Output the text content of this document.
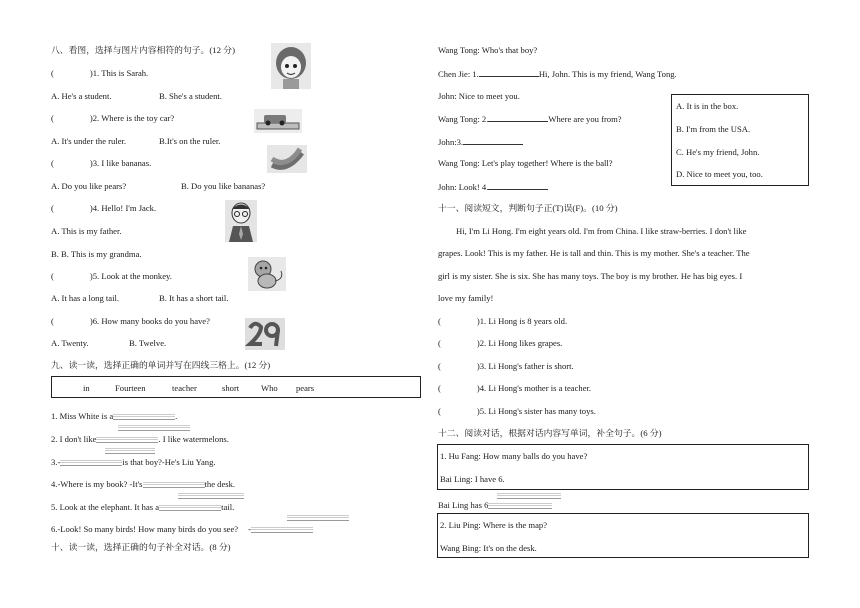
八、看图，选择与图片内容相符的句子。(12 分)
(	)1. This is Sarah.
A. He's a student.	B. She's a student.
(	)2. Where is the toy car?
A. It's under the ruler.	B.It's on the ruler.
(	)3. I like bananas.
A. Do you like pears?	B. Do you like bananas?
(	)4. Hello! I'm Jack.
A. This is my father.
B. B. This is my grandma.
(	)5. Look at the monkey.
A. It has a long tail.	B. It has a short tail.
(	)6. How many books do you have?
A. Twenty.	B. Twelve.
九、读一读，选择正确的单词并写在四线三格上。(12 分)
in	Fourteen	teacher	short	Who pears
1. Miss White is a	.
2. I don't like	. I like watermelons.
3.-	is that boy?-He's Liu Yang.
4.-Where is my book? -It's	the desk.
5. Look at the elephant. It has a	tail.
6.-Look! So many birds! How many birds do you see? -
十、读一读，选择正确的句子补全对话。(8 分)
Wang Tong: Who's that boy?
Chen Jie: 1.	Hi, John. This is my friend, Wang Tong.
John: Nice to meet you.
Wang Tong: 2.	Where are you from?
John:3.
Wang Tong: Let's play together! Where is the ball?
John: Look! 4.
十一、阅读短文，判断句子正(T)误(F)。(10 分)
Hi, I'm Li Hong. I'm eight years old. I'm from China. I like straw-berries. I don't like
grapes. Look! This is my father. He is tall and thin. This is my mother. She's a teacher. The
girl is my sister. She is six. She has many toys. The boy is my brother. He has big eyes. I
love my family!
(	)1. Li Hong is 8 years old.
(	)2. Li Hong likes grapes.
(	)3. Li Hong's father is short.
(	)4. Li Hong's mother is a teacher.
(	)5. Li Hong's sister has many toys.
十二、阅读对话，根据对话内容写单词，补全句子。(6 分)
A. It is in the box.
B. I'm from the USA.
C. He's my friend, John.
D. Nice to meet you, too.
1. Hu Fang: How many balls do you have?
Bai Ling: I have 6.
Bai Ling has 6
2. Liu Ping: Where is the map?
Wang Bing: It's on the desk.
